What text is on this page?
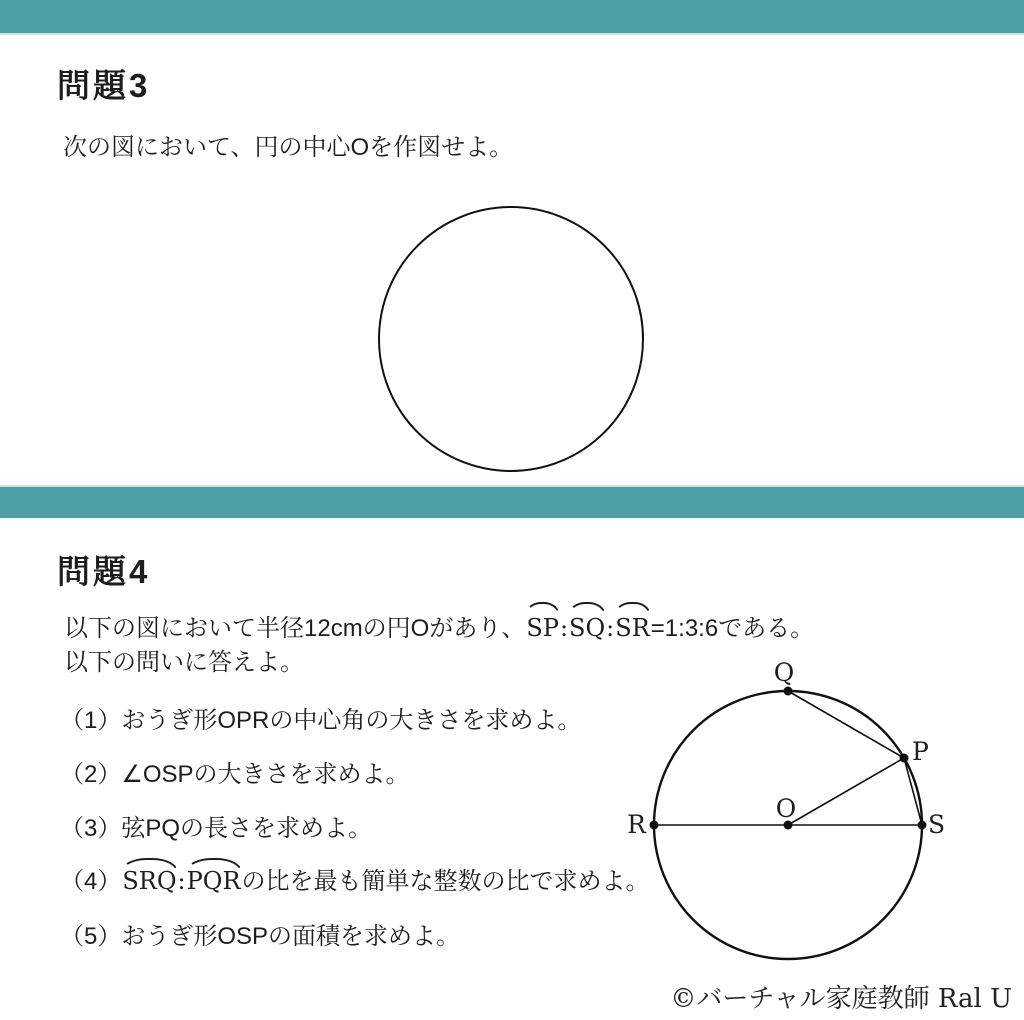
問題3

次の図において、円の中心Oを作図せよ。

問題4
以下の図において半径12cmの円Oがあり、SP:SQ:SR=1:3:6である。
以下の問いに答えよ。
（1）おうぎ形OPRの中心角の大きさを求めよ。
（2）∠OSPの大きさを求めよ。
（3）弦PQの長さを求めよ。
（4）SRQ:PQRの比を最も簡単な整数の比で求めよ。
（5）おうぎ形OSPの面積を求めよ。
Q
P
O
R	S
©バーチャル家庭教師 Ral U
